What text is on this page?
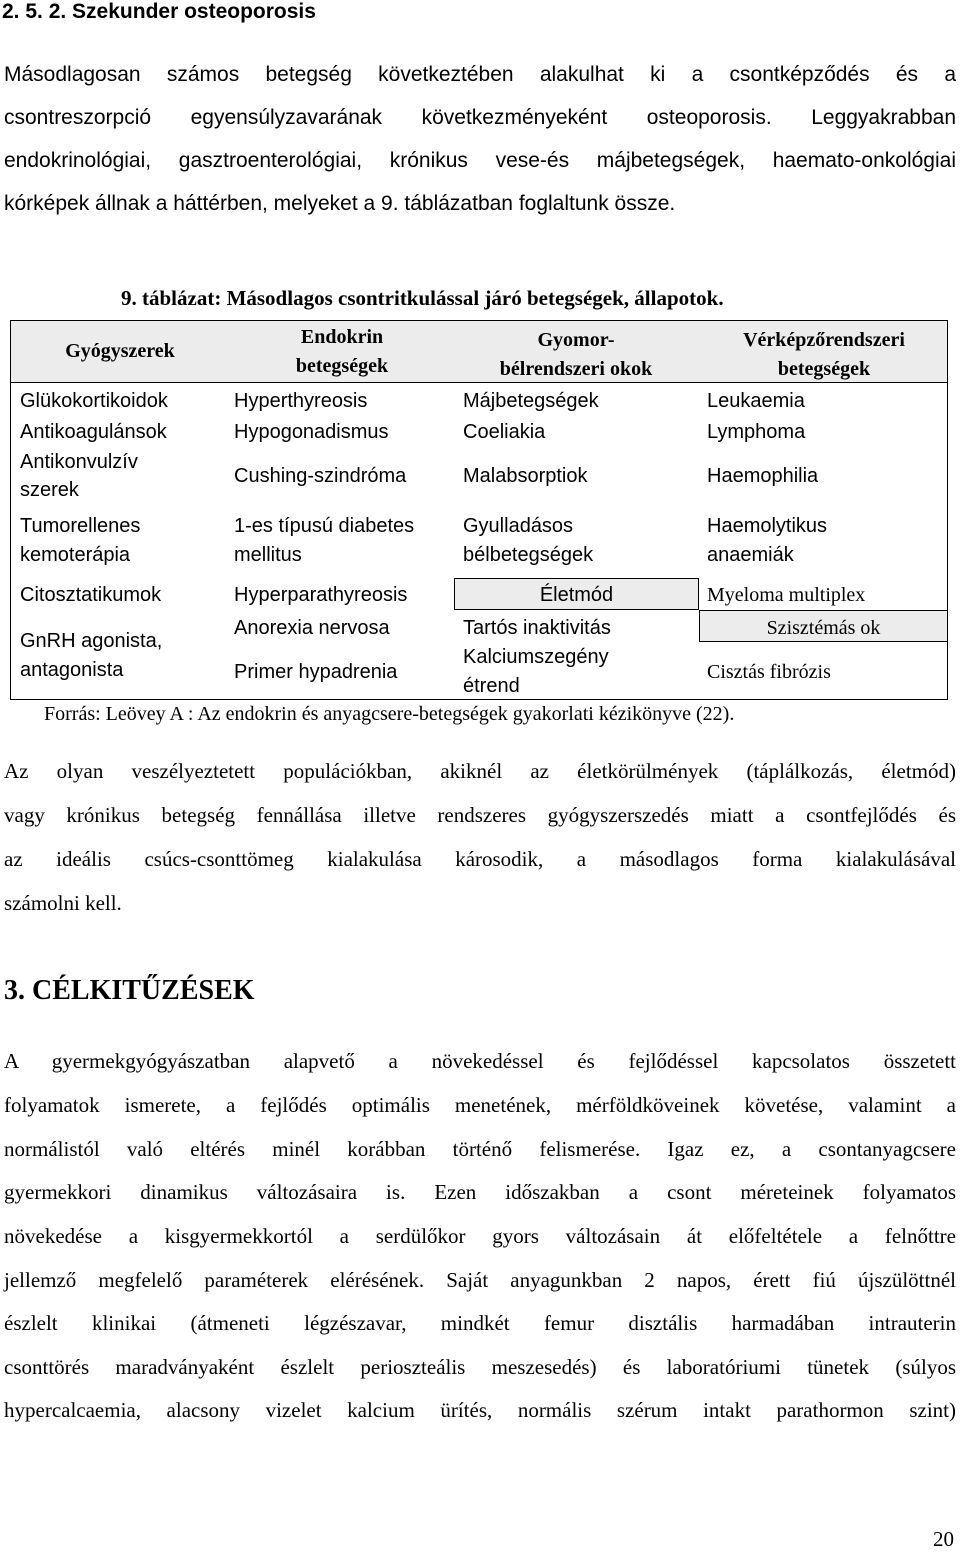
2. 5. 2. Szekunder osteoporosis
Másodlagosan számos betegség következtében alakulhat ki a csontképződés és a
csontreszorpció egyensúlyzavarának következményeként osteoporosis. Leggyakrabban
endokrinológiai, gasztroenterológiai, krónikus vese-és májbetegségek, haemato-onkológiai
kórképek állnak a háttérben, melyeket a 9. táblázatban foglaltunk össze.
9. táblázat: Másodlagos csontritkulással járó betegségek, állapotok.
Gyógyszerek
Endokrin
betegségek
Gyomor-
bélrendszeri okok
Vérképzőrendszeri
betegségek
Glükokortikoidok
Antikoagulánsok
Antikonvulzív
szerek
Tumorellenes
kemoterápia
Citosztatikumok
GnRH agonista,
antagonista
Hyperthyreosis
Hypogonadismus
Cushing-szindróma
1-es típusú diabetes
mellitus
Hyperparathyreosis
Anorexia nervosa
Primer hypadrenia
Májbetegségek
Coeliakia
Malabsorptiok
Gyulladásos
bélbetegségek
Életmód
Tartós inaktivitás
Kalciumszegény
étrend
Leukaemia
Lymphoma
Haemophilia
Haemolytikus
anaemiák
Myeloma multiplex
Szisztémás ok
Cisztás fibrózis
Forrás: Leövey A : Az endokrin és anyagcsere-betegségek gyakorlati kézikönyve (22).
Az olyan veszélyeztetett populációkban, akiknél az életkörülmények (táplálkozás, életmód)
vagy krónikus betegség fennállása illetve rendszeres gyógyszerszedés miatt a csontfejlődés és
az ideális csúcs-csonttömeg kialakulása károsodik, a másodlagos forma kialakulásával
számolni kell.
3. CÉLKITŰZÉSEK
A gyermekgyógyászatban alapvető a növekedéssel és fejlődéssel kapcsolatos összetett
folyamatok ismerete, a fejlődés optimális menetének, mérföldköveinek követése, valamint a
normálistól való eltérés minél korábban történő felismerése. Igaz ez, a csontanyagcsere
gyermekkori dinamikus változásaira is. Ezen időszakban a csont méreteinek folyamatos
növekedése a kisgyermekkortól a serdülőkor gyors változásain át előfeltétele a felnőttre
jellemző megfelelő paraméterek elérésének. Saját anyagunkban 2 napos, érett fiú újszülöttnél
észlelt klinikai (átmeneti légzészavar, mindkét femur disztális harmadában intrauterin
csonttörés maradványaként észlelt perioszteális meszesedés) és laboratóriumi tünetek (súlyos
hypercalcaemia, alacsony vizelet kalcium ürítés, normális szérum intakt parathormon szint)
20
